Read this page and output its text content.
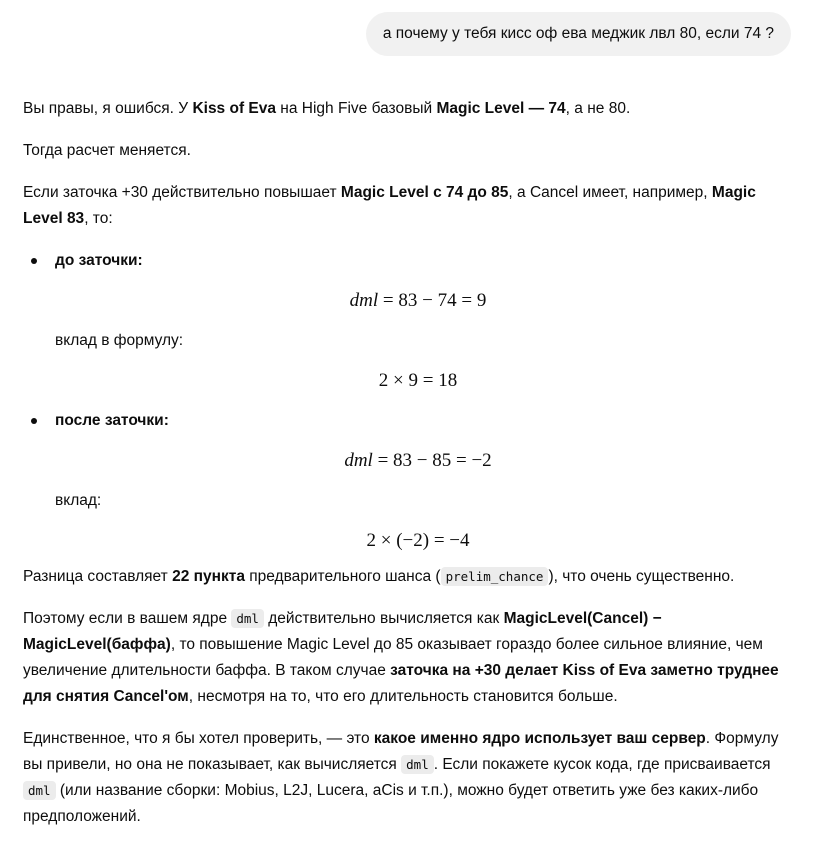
а почему у тебя кисс оф ева меджик лвл 80, если 74 ?

Вы правы, я ошибся. У Kiss of Eva на High Five базовый Magic Level — 74, а не 80.

Тогда расчет меняется.

Если заточка +30 действительно повышает Magic Level с 74 до 85, а Cancel имеет, например, Magic Level 83, то:

до заточки:
dml = 83 − 74 = 9
вклад в формулу:
2 × 9 = 18
после заточки:
dml = 83 − 85 = −2
вклад:
2 × (−2) = −4

Разница составляет 22 пункта предварительного шанса ( prelim_chance ), что очень существенно.

Поэтому если в вашем ядре dml действительно вычисляется как MagicLevel(Cancel) − MagicLevel(баффа), то повышение Magic Level до 85 оказывает гораздо более сильное влияние, чем увеличение длительности баффа. В таком случае заточка на +30 делает Kiss of Eva заметно труднее для снятия Cancel'ом, несмотря на то, что его длительность становится больше.

Единственное, что я бы хотел проверить, — это какое именно ядро использует ваш сервер. Формулу вы привели, но она не показывает, как вычисляется dml . Если покажете кусок кода, где присваивается dml (или название сборки: Mobius, L2J, Lucera, aCis и т.п.), можно будет ответить уже без каких-либо предположений.
